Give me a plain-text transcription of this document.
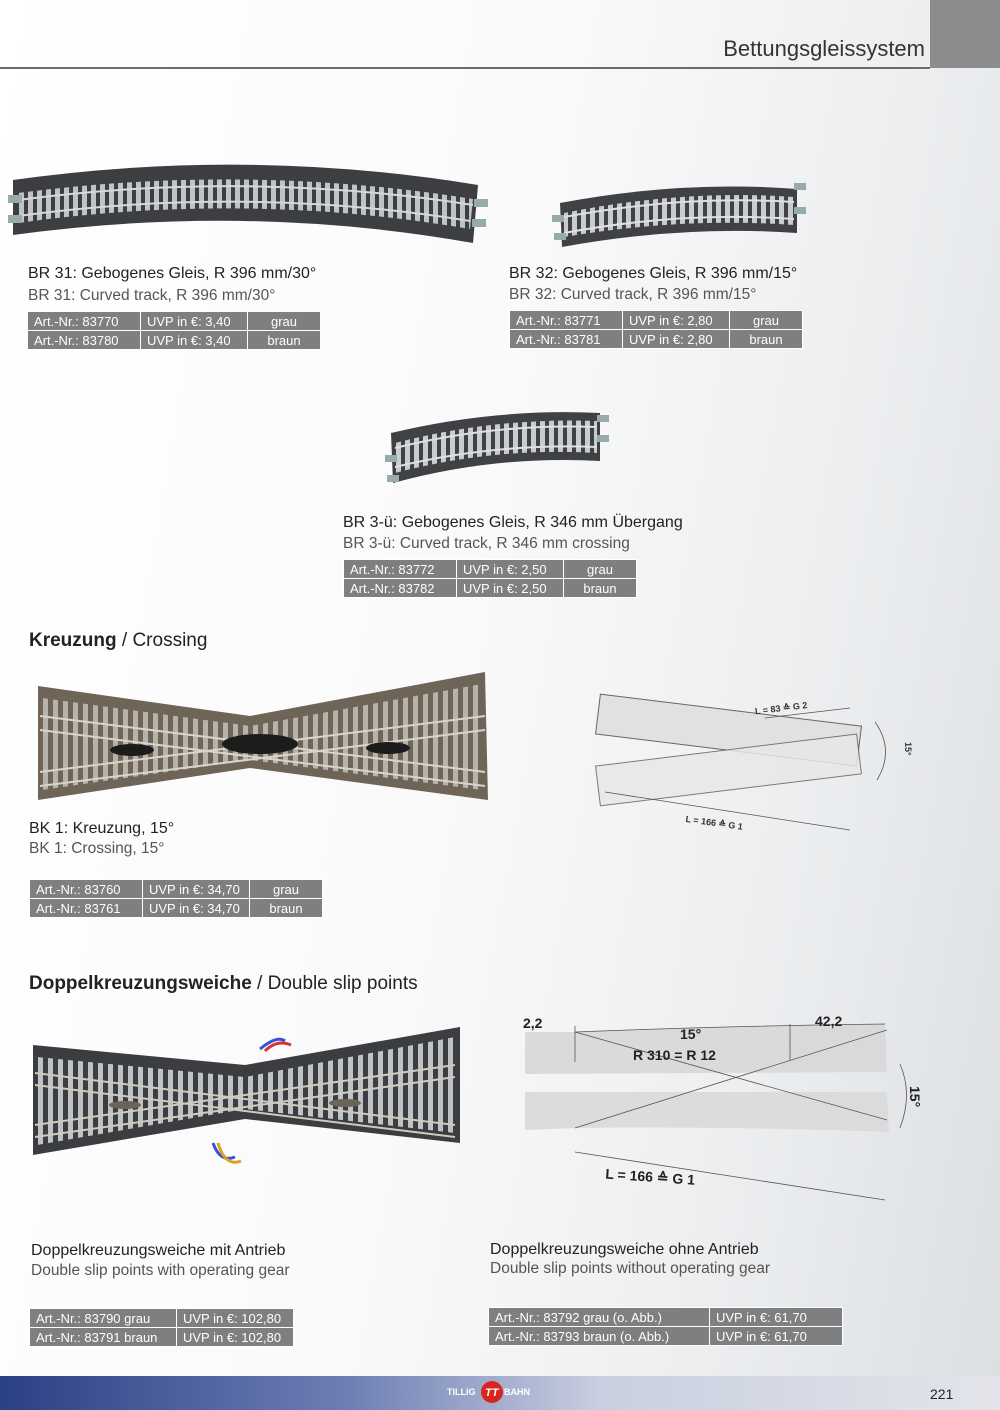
Bettungsgleissystem
BR 31: Gebogenes Gleis, R 396 mm/30°
BR 31: Curved track, R 396 mm/30°
Art.-Nr.: 83770	UVP in €: 3,40	grau
Art.-Nr.: 83780	UVP in €: 3,40	braun
BR 32: Gebogenes Gleis, R 396 mm/15°
BR 32: Curved track, R 396 mm/15°
Art.-Nr.: 83771	UVP in €: 2,80	grau
Art.-Nr.: 83781	UVP in €: 2,80	braun
BR 3-ü: Gebogenes Gleis, R 346 mm Übergang
BR 3-ü: Curved track, R 346 mm crossing
Art.-Nr.: 83772	UVP in €: 2,50	grau
Art.-Nr.: 83782	UVP in €: 2,50	braun
Kreuzung / Crossing
BK 1: Kreuzung, 15°
BK 1: Crossing, 15°
Art.-Nr.: 83760	UVP in €: 34,70	grau
Art.-Nr.: 83761	UVP in €: 34,70	braun
L = 83 ≙ G 2
15°
L = 166 ≙ G 1
Doppelkreuzungsweiche / Double slip points
2,2
15°
R 310 = R 12
42,2
15°
L = 166 ≙ G 1
Doppelkreuzungsweiche mit Antrieb
Double slip points with operating gear
Art.-Nr.: 83790 grau	UVP in €: 102,80
Art.-Nr.: 83791 braun	UVP in €: 102,80
Doppelkreuzungsweiche ohne Antrieb
Double slip points without operating gear
Art.-Nr.: 83792 grau (o. Abb.)	UVP in €: 61,70
Art.-Nr.: 83793 braun (o. Abb.)	UVP in €: 61,70
TILLIG TT BAHN	221
